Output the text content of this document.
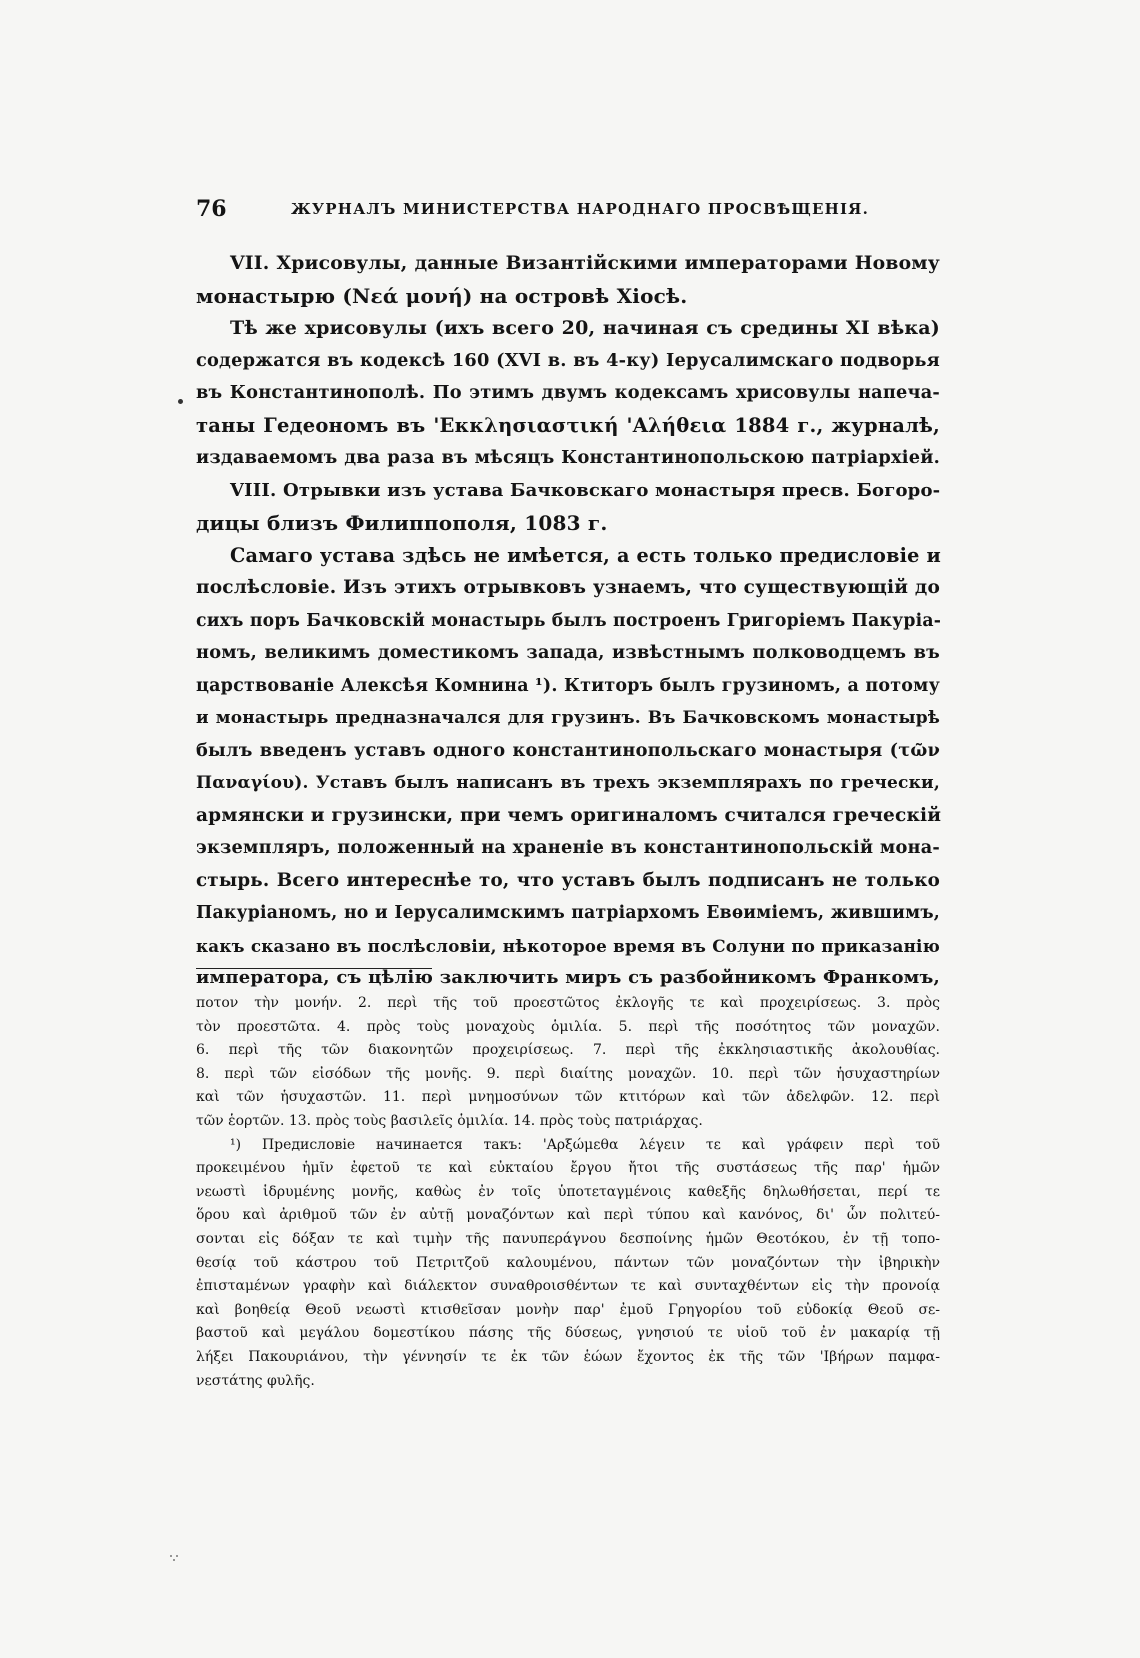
76	ЖУРНАЛЪ МИНИСТЕРСТВА НАРОДНАГО ПРОСВѢЩЕНІЯ.
VII. Хрисовулы, данные Византійскими императорами Новому
монастырю (Νεά μονή) на островѣ Хіосѣ.
Тѣ же хрисовулы (ихъ всего 20, начиная съ средины XI вѣка)
содержатся въ кодексѣ 160 (XVI в. въ 4-ку) Іерусалимскаго подворья
въ Константинополѣ. По этимъ двумъ кодексамъ хрисовулы напеча-
таны Гедеономъ въ 'Εκκλησιαστική 'Αλήθεια 1884 г., журналѣ,
издаваемомъ два раза въ мѣсяцъ Константинопольскою патріархіей.
VIII. Отрывки изъ устава Бачковскаго монастыря пресв. Богоро-
дицы близъ Филиппополя, 1083 г.
Самаго устава здѣсь не имѣется, а есть только предисловіе и
послѣсловіе. Изъ этихъ отрывковъ узнаемъ, что существующій до
сихъ поръ Бачковскій монастырь былъ построенъ Григоріемъ Пакуріа-
номъ, великимъ доместикомъ запада, извѣстнымъ полководцемъ въ
царствованіе Алексѣя Комнина ¹). Ктиторъ былъ грузиномъ, а потому
и монастырь предназначался для грузинъ. Въ Бачковскомъ монастырѣ
былъ введенъ уставъ одного константинопольскаго монастыря (τῶν
Παναγίου). Уставъ былъ написанъ въ трехъ экземплярахъ по гречески,
армянски и грузински, при чемъ оригиналомъ считался греческій
экземпляръ, положенный на храненіе въ константинопольскій мона-
стырь. Всего интереснѣе то, что уставъ былъ подписанъ не только
Пакуріаномъ, но и Іерусалимскимъ патріархомъ Евѳиміемъ, жившимъ,
какъ сказано въ послѣсловіи, нѣкоторое время въ Солуни по приказанію
императора, съ цѣлію заключить миръ съ разбойникомъ Франкомъ,
ποτον τὴν μονήν. 2. περὶ τῆς τοῦ προεστῶτος ἐκλογῆς τε καὶ προχειρίσεως. 3. πρὸς
τὸν προεστῶτα. 4. πρὸς τοὺς μοναχοὺς ὁμιλία. 5. περὶ τῆς ποσότητος τῶν μοναχῶν.
6. περὶ τῆς τῶν διακονητῶν προχειρίσεως. 7. περὶ τῆς ἐκκλησιαστικῆς ἀκολουθίας.
8. περὶ τῶν εἰσόδων τῆς μονῆς. 9. περὶ διαίτης μοναχῶν. 10. περὶ τῶν ἡσυχαστηρίων
καὶ τῶν ἡσυχαστῶν. 11. περὶ μνημοσύνων τῶν κτιτόρων καὶ τῶν ἀδελφῶν. 12. περὶ
τῶν ἑορτῶν. 13. πρὸς τοὺς βασιλεῖς ὁμιλία. 14. πρὸς τοὺς πατριάρχας.
¹) Предисловіе начинается такъ: 'Αρξώμεθα λέγειν τε καὶ γράφειν περὶ τοῦ
προκειμένου ἡμῖν ἐφετοῦ τε καὶ εὐκταίου ἔργου ἤτοι τῆς συστάσεως τῆς παρ' ἡμῶν
νεωστὶ ἱδρυμένης μονῆς, καθὼς ἐν τοῖς ὑποτεταγμένοις καθεξῆς δηλωθήσεται, περί τε
ὅρου καὶ ἀριθμοῦ τῶν ἐν αὐτῇ μοναζόντων καὶ περὶ τύπου καὶ κανόνος, δι' ὧν πολιτεύ-
σονται εἰς δόξαν τε καὶ τιμὴν τῆς πανυπεράγνου δεσποίνης ἡμῶν Θεοτόκου, ἐν τῇ τοπο-
θεσίᾳ τοῦ κάστρου τοῦ Πετριτζοῦ καλουμένου, πάντων τῶν μοναζόντων τὴν ἰβηρικὴν
ἐπισταμένων γραφὴν καὶ διάλεκτον συναθροισθέντων τε καὶ συνταχθέντων εἰς τὴν προνοίᾳ
καὶ βοηθείᾳ Θεοῦ νεωστὶ κτισθεῖσαν μονὴν παρ' ἐμοῦ Γρηγορίου τοῦ εὐδοκίᾳ Θεοῦ σε-
βαστοῦ καὶ μεγάλου δομεστίκου πάσης τῆς δύσεως, γνησιού τε υἱοῦ τοῦ ἐν μακαρίᾳ τῇ
λήξει Πακουριάνου, τὴν γέννησίν τε ἐκ τῶν ἑώων ἔχοντος ἐκ τῆς τῶν 'Ιβήρων παμφα-
νεστάτης φυλῆς.
